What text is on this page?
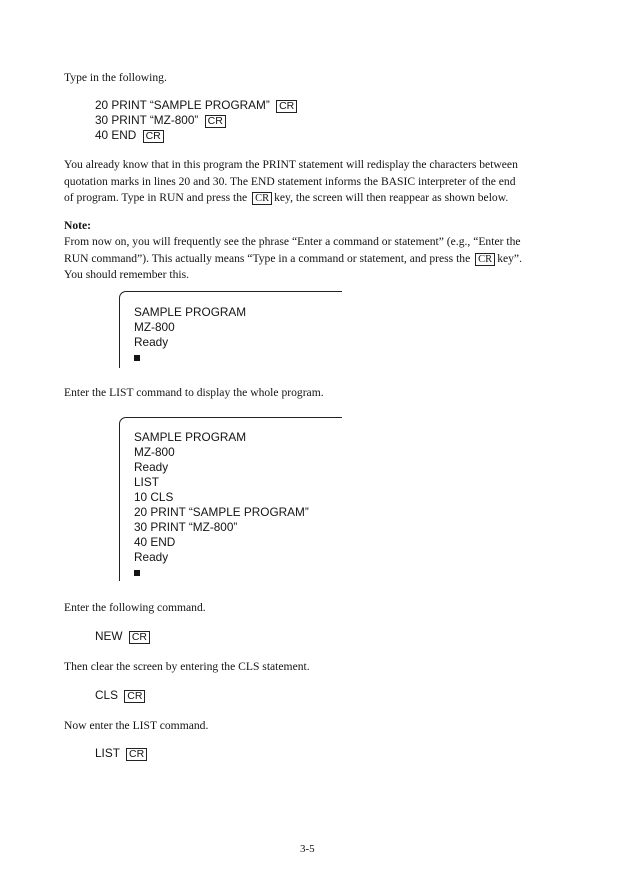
Type in the following.
20 PRINT “SAMPLE PROGRAM” CR
30 PRINT “MZ-800” CR
40 END CR
You already know that in this program the PRINT statement will redisplay the characters between
quotation marks in lines 20 and 30. The END statement informs the BASIC interpreter of the end
of program. Type in RUN and press the CR key, the screen will then reappear as shown below.
Note:
From now on, you will frequently see the phrase “Enter a command or statement” (e.g., “Enter the
RUN command”). This actually means “Type in a command or statement, and press the CR key”.
You should remember this.
SAMPLE PROGRAM
MZ-800
Ready
Enter the LIST command to display the whole program.
SAMPLE PROGRAM
MZ-800
Ready
LIST
10 CLS
20 PRINT “SAMPLE PROGRAM”
30 PRINT “MZ-800”
40 END
Ready
Enter the following command.
NEW CR
Then clear the screen by entering the CLS statement.
CLS CR
Now enter the LIST command.
LIST CR
3-5
